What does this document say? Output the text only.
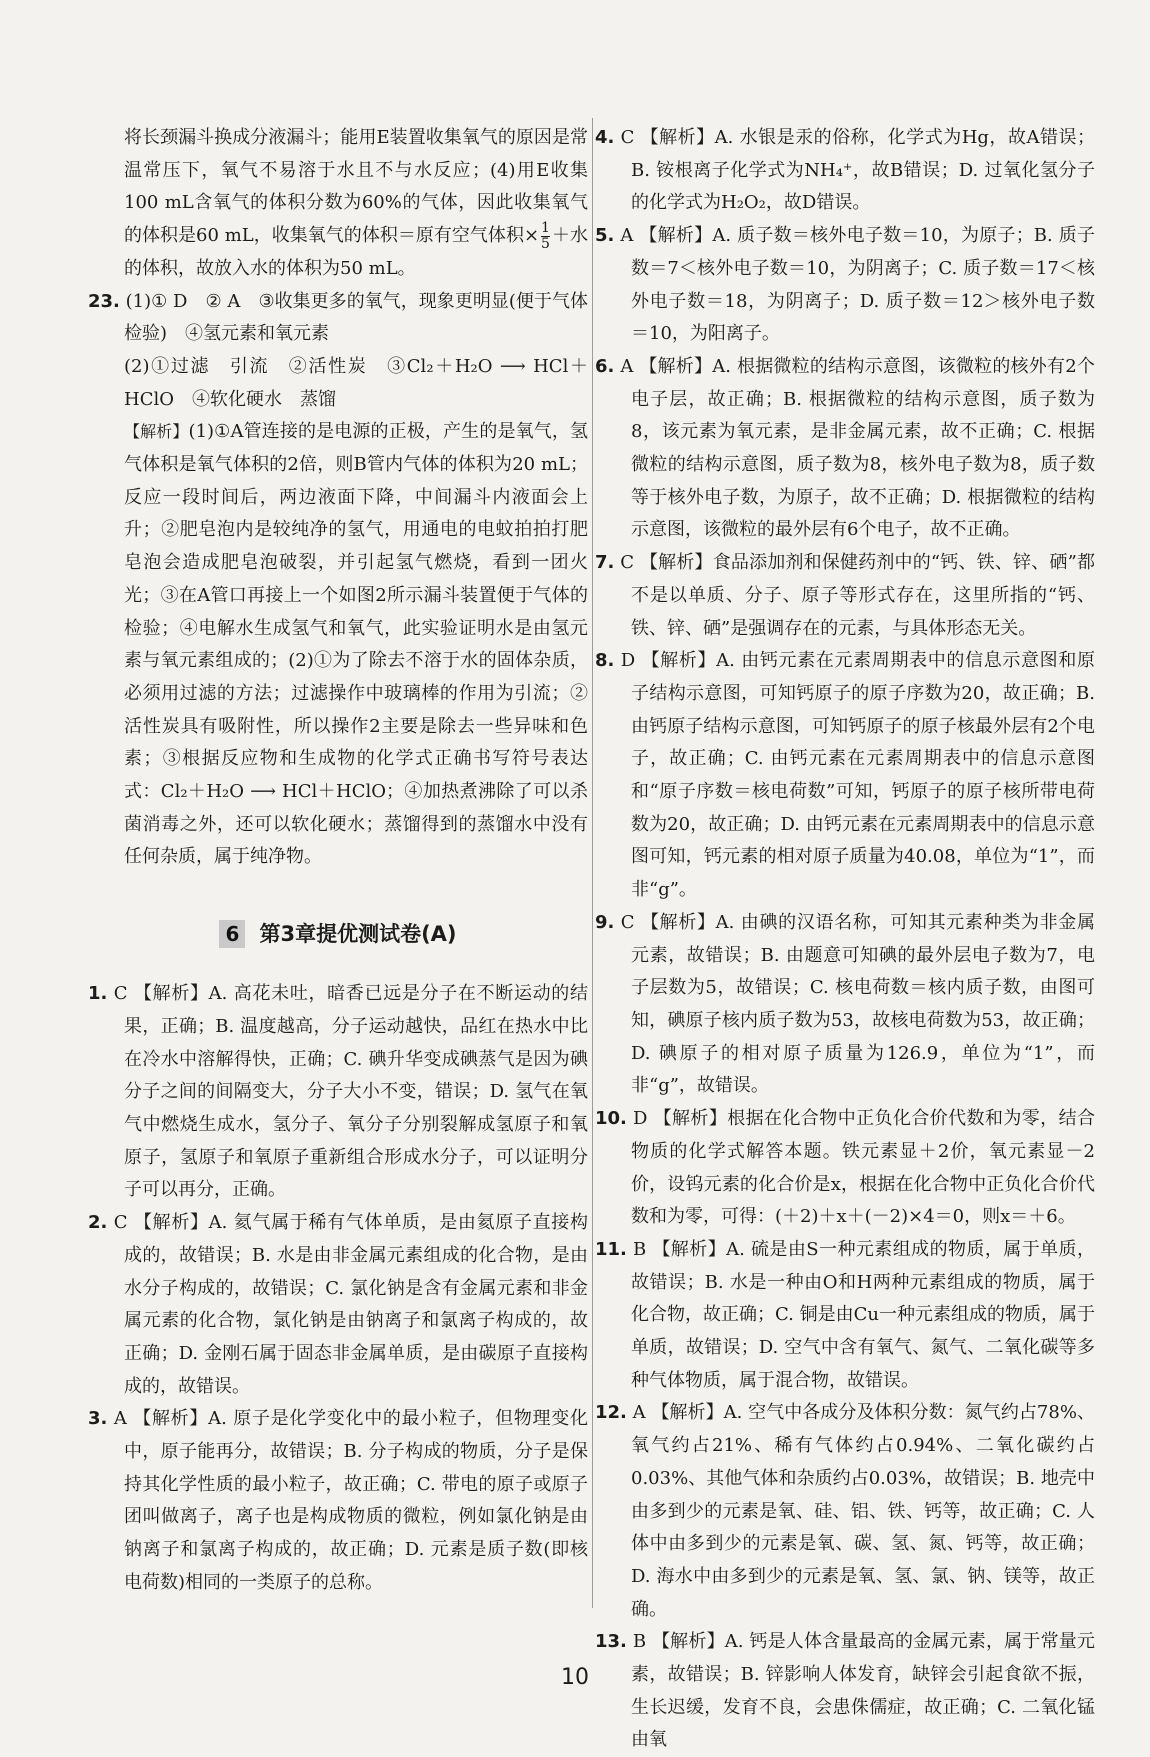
将长颈漏斗换成分液漏斗；能用E装置收集氧气的原因是常温常压下，氧气不易溶于水且不与水反应；(4)用E收集100 mL含氧气的体积分数为60%的气体，因此收集氧气的体积是60 mL，收集氧气的体积＝原有空气体积× $\frac{1}{5}$ ＋水的体积，故放入水的体积为50 mL。

23. (1)① D　② A　③收集更多的氧气，现象更明显(便于气体检验)　④氢元素和氧元素

(2)①过滤　引流　②活性炭　③Cl₂＋H₂O ⟶ HCl＋HClO　④软化硬水　蒸馏

【解析】(1)①A管连接的是电源的正极，产生的是氧气，氢气体积是氧气体积的2倍，则B管内气体的体积为20 mL；反应一段时间后，两边液面下降，中间漏斗内液面会上升；②肥皂泡内是较纯净的氢气，用通电的电蚊拍拍打肥皂泡会造成肥皂泡破裂，并引起氢气燃烧，看到一团火光；③在A管口再接上一个如图2所示漏斗装置便于气体的检验；④电解水生成氢气和氧气，此实验证明水是由氢元素与氧元素组成的；(2)①为了除去不溶于水的固体杂质，必须用过滤的方法；过滤操作中玻璃棒的作用为引流；②活性炭具有吸附性，所以操作2主要是除去一些异味和色素；③根据反应物和生成物的化学式正确书写符号表达式：Cl₂＋H₂O ⟶ HCl＋HClO；④加热煮沸除了可以杀菌消毒之外，还可以软化硬水；蒸馏得到的蒸馏水中没有任何杂质，属于纯净物。

6 第3章提优测试卷(A)

1. C 【解析】A. 高花未吐，暗香已远是分子在不断运动的结果，正确；B. 温度越高，分子运动越快，品红在热水中比在冷水中溶解得快，正确；C. 碘升华变成碘蒸气是因为碘分子之间的间隔变大，分子大小不变，错误；D. 氢气在氧气中燃烧生成水，氢分子、氧分子分别裂解成氢原子和氧原子，氢原子和氧原子重新组合形成水分子，可以证明分子可以再分，正确。

2. C 【解析】A. 氦气属于稀有气体单质，是由氦原子直接构成的，故错误；B. 水是由非金属元素组成的化合物，是由水分子构成的，故错误；C. 氯化钠是含有金属元素和非金属元素的化合物，氯化钠是由钠离子和氯离子构成的，故正确；D. 金刚石属于固态非金属单质，是由碳原子直接构成的，故错误。

3. A 【解析】A. 原子是化学变化中的最小粒子，但物理变化中，原子能再分，故错误；B. 分子构成的物质，分子是保持其化学性质的最小粒子，故正确；C. 带电的原子或原子团叫做离子，离子也是构成物质的微粒，例如氯化钠是由钠离子和氯离子构成的，故正确；D. 元素是质子数(即核电荷数)相同的一类原子的总称。

4. C 【解析】A. 水银是汞的俗称，化学式为Hg，故A错误；B. 铵根离子化学式为NH₄⁺，故B错误；D. 过氧化氢分子的化学式为H₂O₂，故D错误。

5. A 【解析】A. 质子数＝核外电子数＝10，为原子；B. 质子数＝7＜核外电子数＝10，为阴离子；C. 质子数＝17＜核外电子数＝18，为阴离子；D. 质子数＝12＞核外电子数＝10，为阳离子。

6. A 【解析】A. 根据微粒的结构示意图，该微粒的核外有2个电子层，故正确；B. 根据微粒的结构示意图，质子数为8，该元素为氧元素，是非金属元素，故不正确；C. 根据微粒的结构示意图，质子数为8，核外电子数为8，质子数等于核外电子数，为原子，故不正确；D. 根据微粒的结构示意图，该微粒的最外层有6个电子，故不正确。

7. C 【解析】食品添加剂和保健药剂中的“钙、铁、锌、硒”都不是以单质、分子、原子等形式存在，这里所指的“钙、铁、锌、硒”是强调存在的元素，与具体形态无关。

8. D 【解析】A. 由钙元素在元素周期表中的信息示意图和原子结构示意图，可知钙原子的原子序数为20，故正确；B. 由钙原子结构示意图，可知钙原子的原子核最外层有2个电子，故正确；C. 由钙元素在元素周期表中的信息示意图和“原子序数＝核电荷数”可知，钙原子的原子核所带电荷数为20，故正确；D. 由钙元素在元素周期表中的信息示意图可知，钙元素的相对原子质量为40.08，单位为“1”，而非“g”。

9. C 【解析】A. 由碘的汉语名称，可知其元素种类为非金属元素，故错误；B. 由题意可知碘的最外层电子数为7，电子层数为5，故错误；C. 核电荷数＝核内质子数，由图可知，碘原子核内质子数为53，故核电荷数为53，故正确；D. 碘原子的相对原子质量为126.9，单位为“1”，而非“g”，故错误。

10. D 【解析】根据在化合物中正负化合价代数和为零，结合物质的化学式解答本题。铁元素显＋2价，氧元素显－2价，设钨元素的化合价是x，根据在化合物中正负化合价代数和为零，可得：(＋2)＋x＋(－2)×4＝0，则x＝＋6。

11. B 【解析】A. 硫是由S一种元素组成的物质，属于单质，故错误；B. 水是一种由O和H两种元素组成的物质，属于化合物，故正确；C. 铜是由Cu一种元素组成的物质，属于单质，故错误；D. 空气中含有氧气、氮气、二氧化碳等多种气体物质，属于混合物，故错误。

12. A 【解析】A. 空气中各成分及体积分数：氮气约占78%、氧气约占21%、稀有气体约占0.94%、二氧化碳约占0.03%、其他气体和杂质约占0.03%，故错误；B. 地壳中由多到少的元素是氧、硅、铝、铁、钙等，故正确；C. 人体中由多到少的元素是氧、碳、氢、氮、钙等，故正确；D. 海水中由多到少的元素是氧、氢、氯、钠、镁等，故正确。

13. B 【解析】A. 钙是人体含量最高的金属元素，属于常量元素，故错误；B. 锌影响人体发育，缺锌会引起食欲不振，生长迟缓，发育不良，会患侏儒症，故正确；C. 二氧化锰由氧

10
